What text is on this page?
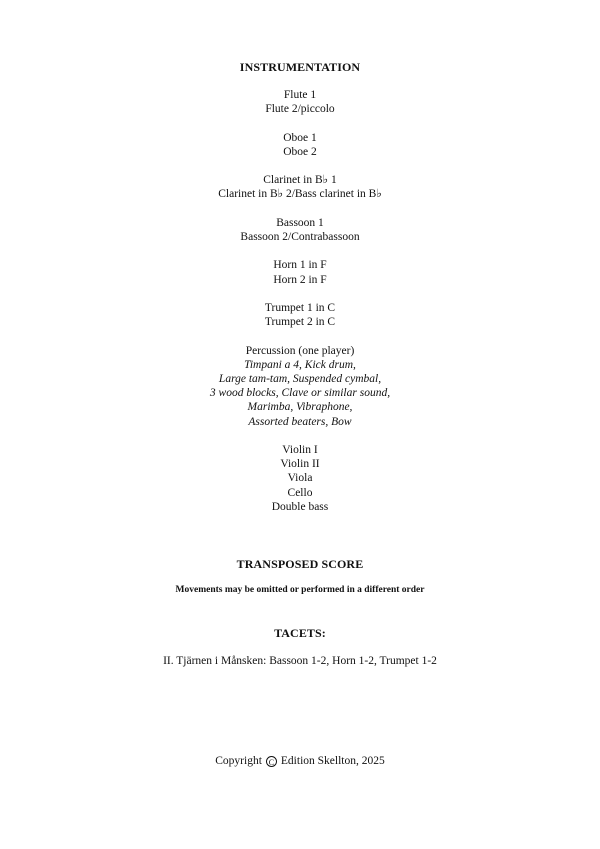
INSTRUMENTATION
Flute 1
Flute 2/piccolo
Oboe 1
Oboe 2
Clarinet in B♭ 1
Clarinet in B♭ 2/Bass clarinet in B♭
Bassoon 1
Bassoon 2/Contrabassoon
Horn 1 in F
Horn 2 in F
Trumpet 1 in C
Trumpet 2 in C
Percussion (one player)
Timpani a 4, Kick drum,
Large tam-tam, Suspended cymbal,
3 wood blocks, Clave or similar sound,
Marimba, Vibraphone,
Assorted beaters, Bow
Violin I
Violin II
Viola
Cello
Double bass
TRANSPOSED SCORE
Movements may be omitted or performed in a different order
TACETS:
II. Tjärnen i Månsken: Bassoon 1-2, Horn 1-2, Trumpet 1-2
Copyright C Edition Skellton, 2025
